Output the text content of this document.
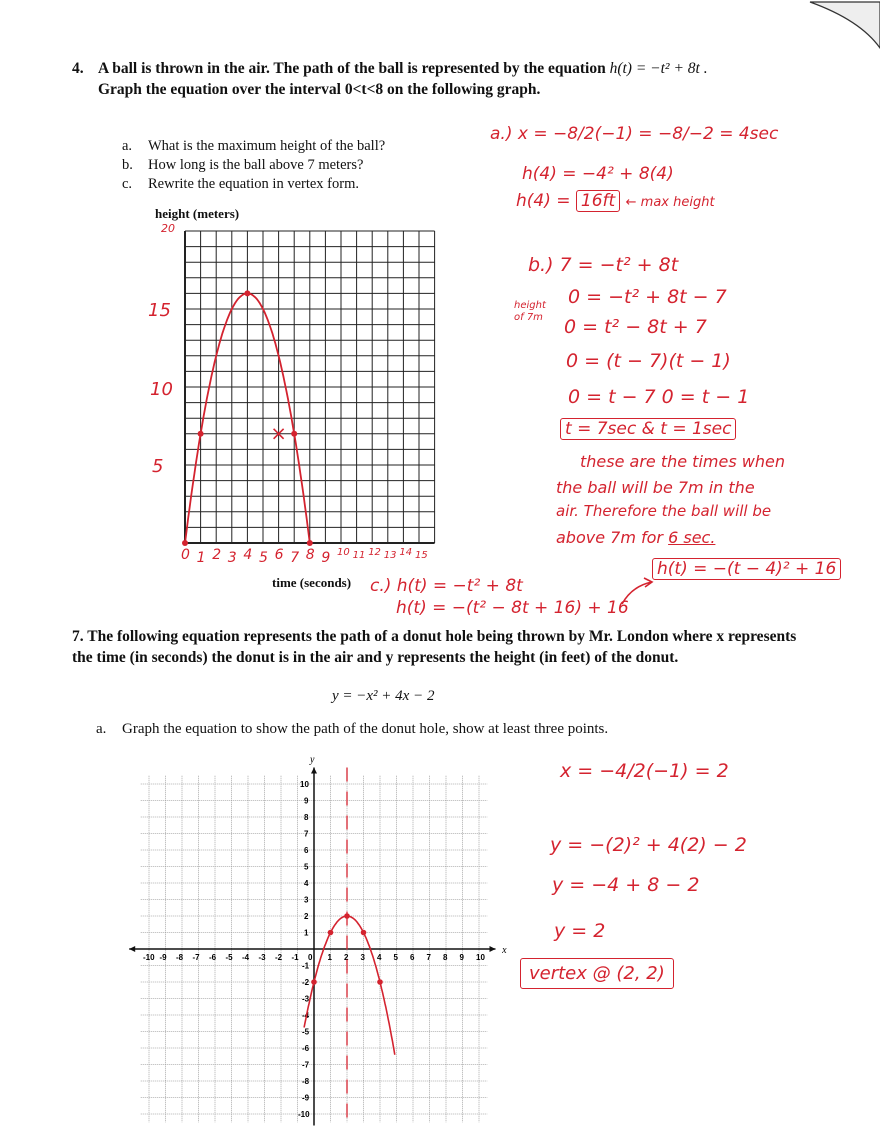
4. A ball is thrown in the air. The path of the ball is represented by the equation h(t) = −t² + 8t .
Graph the equation over the interval 0<t<8 on the following graph.
a. What is the maximum height of the ball?
b. How long is the ball above 7 meters?
c. Rewrite the equation in vertex form.
height (meters)
time (seconds)
20
15
10
5
0 1 2 3 4 5 6 7 8 9 10 11 12 13 14 15
a.) x = −8/2(−1) = −8/−2 = 4sec
h(4) = −4² + 8(4)
h(4) = 16ft ← max height
b.) 7 = −t² + 8t
height of 7m
0 = −t² + 8t − 7
0 = t² − 8t + 7
0 = (t − 7)(t − 1)
0 = t − 7 0 = t − 1
t = 7sec & t = 1sec
these are the times when
the ball will be 7m in the
air. Therefore the ball will be
above 7m for 6 sec.
c.) h(t) = −t² + 8t
h(t) = −(t² − 8t + 16) + 16
h(t) = −(t − 4)² + 16
7. The following equation represents the path of a donut hole being thrown by Mr. London where x represents the time (in seconds) the donut is in the air and y represents the height (in feet) of the donut.
y = −x² + 4x − 2
a. Graph the equation to show the path of the donut hole, show at least three points.
x
y
-10 -9 -8 -7 -6 -5 -4 -3 -2 -1 0 1 2 3 4 5 6 7 8 9 10
10
9
8
7
6
5
4
3
2
1
-1
-2
-3
-4
-5
-6
-7
-8
-9
-10
x = −4/2(−1) = 2
y = −(2)² + 4(2) − 2
y = −4 + 8 − 2
y = 2
vertex @ (2, 2)
